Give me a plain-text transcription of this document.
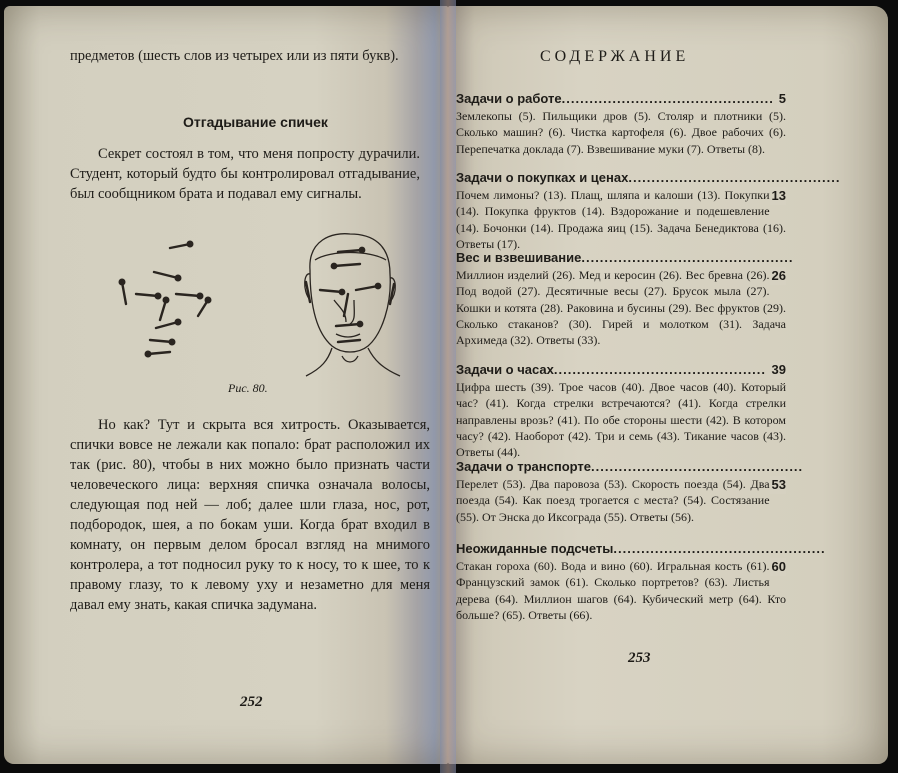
предметов (шесть слов из четырех или из пяти букв).
Отгадывание спичек
Секрет состоял в том, что меня попросту дурачили. Студент, который будто бы контролировал отгадывание, был сообщником брата и подавал ему сигналы.
Рис. 80.
Но как? Тут и скрыта вся хитрость. Оказывается, спички вовсе не лежали как попало: брат расположил их так (рис. 80), чтобы в них можно было признать части человеческого лица: верхняя спичка означала волосы, следующая под ней — лоб; далее шли глаза, нос, рот, подбородок, шея, а по бокам уши. Когда брат входил в комнату, он первым делом бросал взгляд на мнимого контролера, а тот подносил руку то к носу, то к шее, то к правому глазу, то к левому уху и незаметно для меня давал ему знать, какая спичка задумана.
252
СОДЕРЖАНИЕ
Задачи о работе.............................................. 5
Землекопы (5). Пильщики дров (5). Столяр и плотники (5). Сколько машин? (6). Чистка картофеля (6). Двое рабочих (6). Перепечатка доклада (7). Взвешивание муки (7). Ответы (8).
Задачи о покупках и ценах..............................................
13
Почем лимоны? (13). Плащ, шляпа и калоши (13). Покупки (14). Покупка фруктов (14). Вздорожание и подешевление (14). Бочонки (14). Продажа яиц (15). Задача Бенедиктова (16). Ответы (17).
Вес и взвешивание..............................................
26
Миллион изделий (26). Мед и керосин (26). Вес бревна (26). Под водой (27). Десятичные весы (27). Брусок мыла (27). Кошки и котята (28). Раковина и бусины (29). Вес фруктов (29). Сколько стаканов? (30). Гирей и молотком (31). Задача Архимеда (32). Ответы (33).
Задачи о часах.............................................. 39
Цифра шесть (39). Трое часов (40). Двое часов (40). Который час? (41). Когда стрелки встречаются? (41). Когда стрелки направлены врозь? (41). По обе стороны шести (42). В котором часу? (42). Наоборот (42). Три и семь (43). Тикание часов (43). Ответы (44).
Задачи о транспорте..............................................
53
Перелет (53). Два паровоза (53). Скорость поезда (54). Два поезда (54). Как поезд трогается с места? (54). Состязание (55). От Энска до Иксограда (55). Ответы (56).
Неожиданные подсчеты..............................................
60
Стакан гороха (60). Вода и вино (60). Игральная кость (61). Французский замок (61). Сколько портретов? (63). Листья дерева (64). Миллион шагов (64). Кубический метр (64). Кто больше? (65). Ответы (66).
253
